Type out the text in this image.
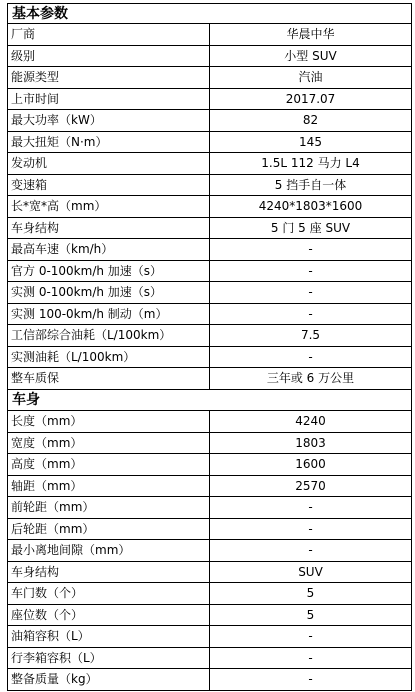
基本参数	
厂商	华晨中华
级别	小型 SUV
能源类型	汽油
上市时间	2017.07
最大功率（kW）	82
最大扭矩（N·m）	145
发动机	1.5L 112 马力 L4
变速箱	5 挡手自一体
长*宽*高（mm）	4240*1803*1600
车身结构	5 门 5 座 SUV
最高车速（km/h）	-
官方 0-100km/h 加速（s）	-
实测 0-100km/h 加速（s）	-
实测 100-0km/h 制动（m）	-
工信部综合油耗（L/100km）	7.5
实测油耗（L/100km）	-
整车质保	三年或 6 万公里
车身	
长度（mm）	4240
宽度（mm）	1803
高度（mm）	1600
轴距（mm）	2570
前轮距（mm）	-
后轮距（mm）	-
最小离地间隙（mm）	-
车身结构	SUV
车门数（个）	5
座位数（个）	5
油箱容积（L）	-
行李箱容积（L）	-
整备质量（kg）	-
